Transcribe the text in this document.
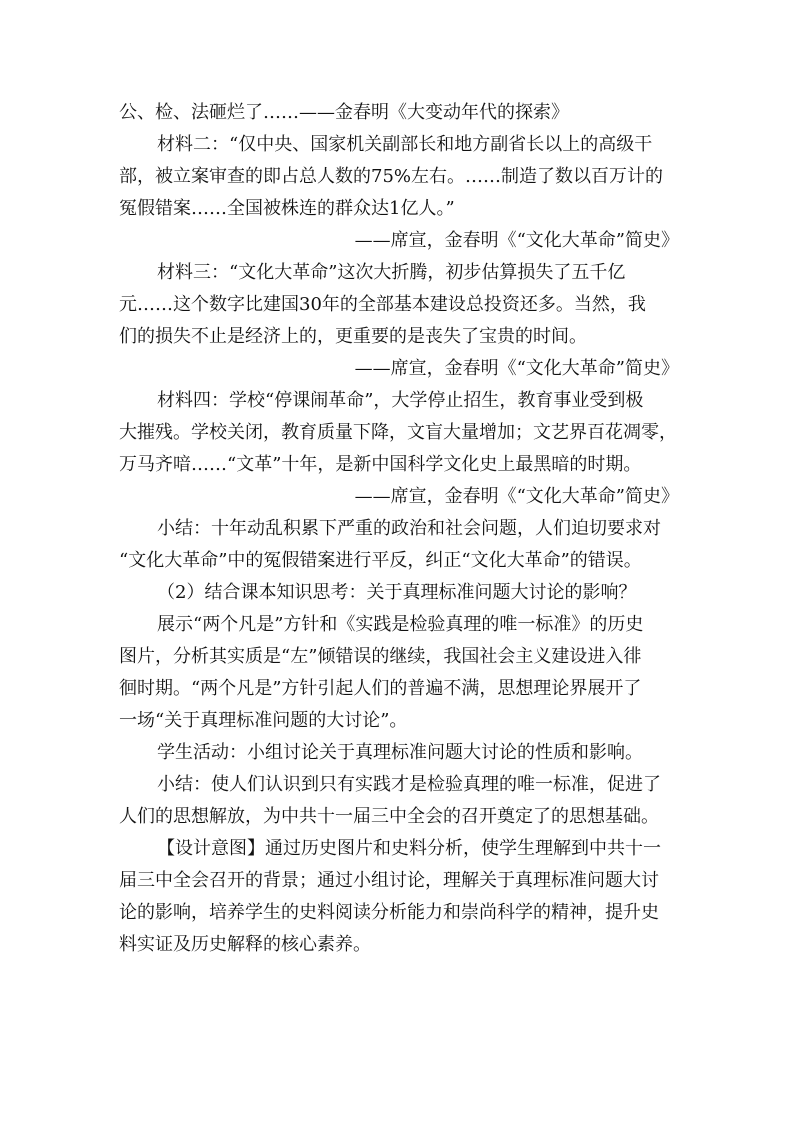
公、检、法砸烂了……——金春明《大变动年代的探索》
材料二：“仅中央、国家机关副部长和地方副省长以上的高级干
部，被立案审查的即占总人数的75%左右。……制造了数以百万计的
冤假错案……全国被株连的群众达1亿人。”
——席宣，金春明《“文化大革命”简史》
材料三：“文化大革命”这次大折腾，初步估算损失了五千亿
元……这个数字比建国30年的全部基本建设总投资还多。当然，我
们的损失不止是经济上的，更重要的是丧失了宝贵的时间。
——席宣，金春明《“文化大革命”简史》
材料四：学校“停课闹革命”，大学停止招生，教育事业受到极
大摧残。学校关闭，教育质量下降，文盲大量增加；文艺界百花凋零，
万马齐喑……“文革”十年，是新中国科学文化史上最黑暗的时期。
——席宣，金春明《“文化大革命”简史》
小结：十年动乱积累下严重的政治和社会问题，人们迫切要求对
“文化大革命”中的冤假错案进行平反，纠正“文化大革命”的错误。
（2）结合课本知识思考：关于真理标准问题大讨论的影响？
展示“两个凡是”方针和《实践是检验真理的唯一标准》的历史
图片，分析其实质是“左”倾错误的继续，我国社会主义建设进入徘
徊时期。“两个凡是”方针引起人们的普遍不满，思想理论界展开了
一场“关于真理标准问题的大讨论”。
学生活动：小组讨论关于真理标准问题大讨论的性质和影响。
小结：使人们认识到只有实践才是检验真理的唯一标准，促进了
人们的思想解放，为中共十一届三中全会的召开奠定了的思想基础。
【设计意图】通过历史图片和史料分析，使学生理解到中共十一
届三中全会召开的背景；通过小组讨论，理解关于真理标准问题大讨
论的影响，培养学生的史料阅读分析能力和崇尚科学的精神，提升史
料实证及历史解释的核心素养。
